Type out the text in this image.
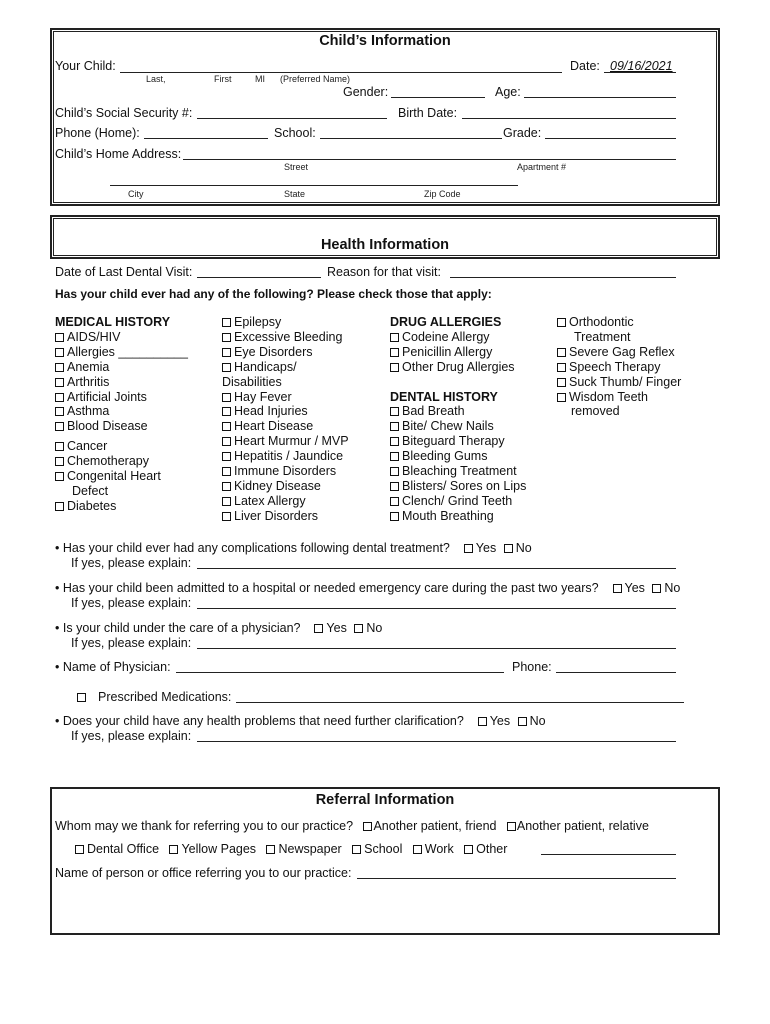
Child’s Information
Your Child:	Date: 09/16/2021
Last,	First	MI (Preferred Name)
Gender:	Age:
Child’s Social Security #:	Birth Date:
Phone (Home):	School:	Grade:
Child’s Home Address:
Street	Apartment #
City	State	Zip Code
Health Information
Date of Last Dental Visit:	Reason for that visit:
Has your child ever had any of the following? Please check those that apply:
MEDICAL HISTORY
AIDS/HIV
Allergies __________
Anemia
Arthritis
Artificial Joints
Asthma
Blood Disease
Cancer
Chemotherapy
Congenital Heart
Defect
Diabetes
Epilepsy
Excessive Bleeding
Eye Disorders
Handicaps/
Disabilities
Hay Fever
Head Injuries
Heart Disease
Heart Murmur / MVP
Hepatitis / Jaundice
Immune Disorders
Kidney Disease
Latex Allergy
Liver Disorders
DRUG ALLERGIES
Codeine Allergy
Penicillin Allergy
Other Drug Allergies
DENTAL HISTORY
Bad Breath
Bite/ Chew Nails
Biteguard Therapy
Bleeding Gums
Bleaching Treatment
Blisters/ Sores on Lips
Clench/ Grind Teeth
Mouth Breathing
Orthodontic
Treatment
Severe Gag Reflex
Speech Therapy
Suck Thumb/ Finger
Wisdom Teeth
removed
• Has your child ever had any complications following dental treatment? Yes No
If yes, please explain:
• Has your child been admitted to a hospital or needed emergency care during the past two years? Yes No
If yes, please explain:
• Is your child under the care of a physician? Yes No
If yes, please explain:
• Name of Physician:	Phone:
Prescribed Medications:
• Does your child have any health problems that need further clarification? Yes No
If yes, please explain:
Referral Information
Whom may we thank for referring you to our practice? Another patient, friend Another patient, relative
Dental Office Yellow Pages Newspaper School Work Other
Name of person or office referring you to our practice:
